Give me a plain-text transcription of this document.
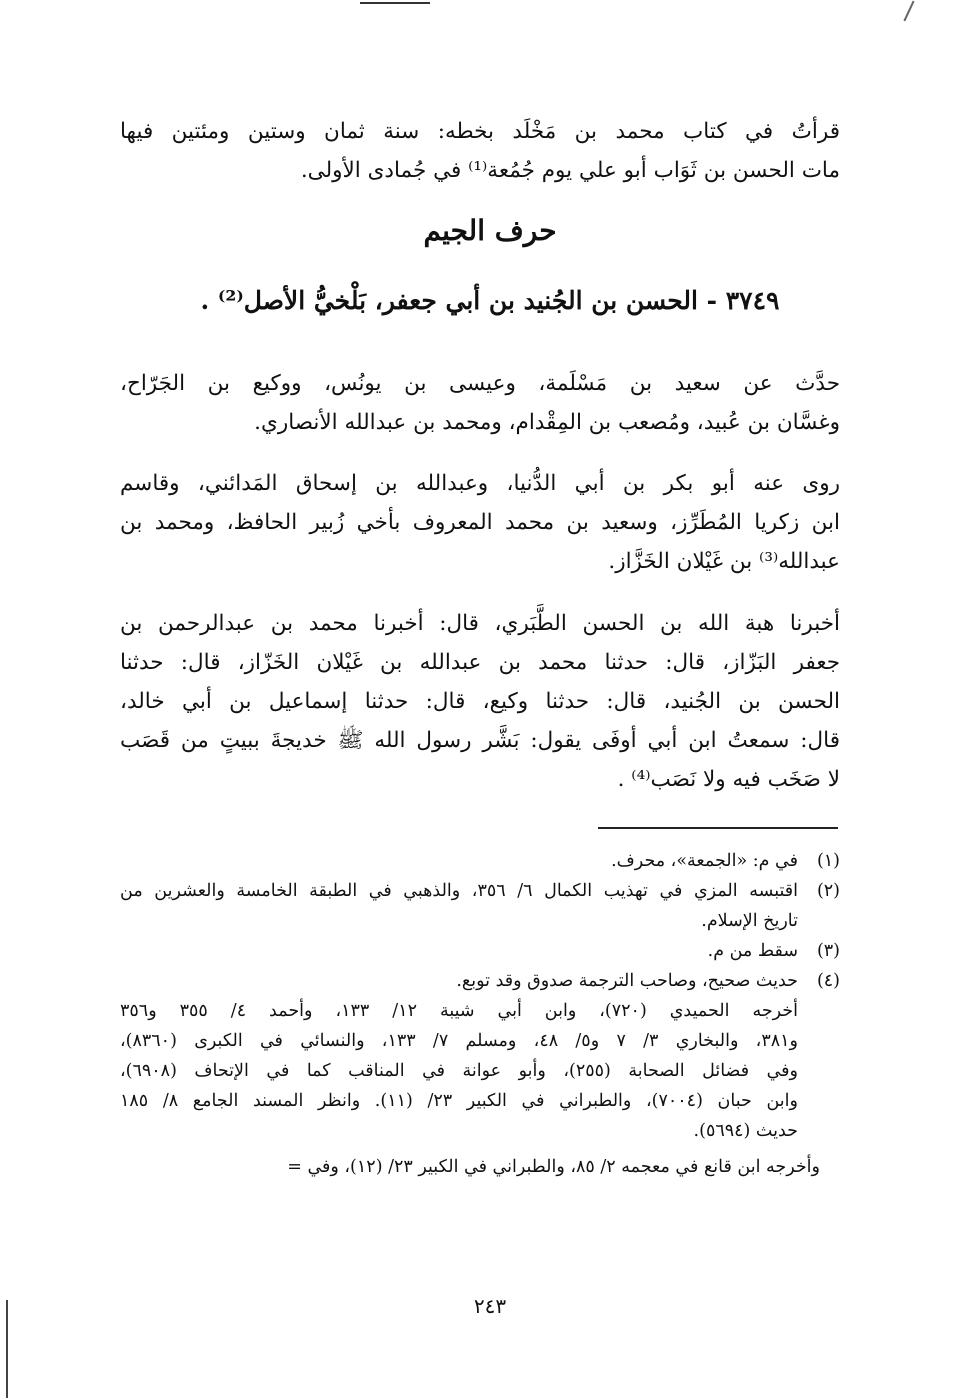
قرأتُ في كتاب محمد بن مَخْلَد بخطه: سنة ثمان وستين ومئتين فيها
مات الحسن بن ثَوَاب أبو علي يوم جُمُعة⁽¹⁾ في جُمادى الأولى.
حرف الجيم
٣٧٤٩ - الحسن بن الجُنيد بن أبي جعفر، بَلْخيُّ الأصل⁽²⁾ .
حدَّث عن سعيد بن مَسْلَمة، وعيسى بن يونُس، ووكيع بن الجَرّاح،
وغسَّان بن عُبيد، ومُصعب بن المِقْدام، ومحمد بن عبدالله الأنصاري.
روى عنه أبو بكر بن أبي الدُّنيا، وعبدالله بن إسحاق المَدائني، وقاسم
ابن زكريا المُطَرِّز، وسعيد بن محمد المعروف بأخي زُبير الحافظ، ومحمد بن
عبدالله⁽³⁾ بن غَيْلان الخَزَّاز.
أخبرنا هبة الله بن الحسن الطَّبَري، قال: أخبرنا محمد بن عبدالرحمن بن
جعفر البَزّاز، قال: حدثنا محمد بن عبدالله بن غَيْلان الخَزّاز، قال: حدثنا
الحسن بن الجُنيد، قال: حدثنا وكيع، قال: حدثنا إسماعيل بن أبي خالد،
قال: سمعتُ ابن أبي أوفَى يقول: بَشَّر رسول الله ﷺ خديجةَ ببيتٍ من قَصَب
لا صَخَب فيه ولا نَصَب⁽⁴⁾ .
(١)
في م: «الجمعة»، محرف.
(٢)
اقتبسه المزي في تهذيب الكمال ٦/ ٣٥٦، والذهبي في الطبقة الخامسة والعشرين من
تاريخ الإسلام.
(٣)
سقط من م.
(٤)
حديث صحيح، وصاحب الترجمة صدوق وقد توبع.
أخرجه الحميدي (٧٢٠)، وابن أبي شيبة ١٢/ ١٣٣، وأحمد ٤/ ٣٥٥ و٣٥٦
و٣٨١، والبخاري ٣/ ٧ و٥/ ٤٨، ومسلم ٧/ ١٣٣، والنسائي في الكبرى (٨٣٦٠)،
وفي فضائل الصحابة (٢٥٥)، وأبو عوانة في المناقب كما في الإتحاف (٦٩٠٨)،
وابن حبان (٧٠٠٤)، والطبراني في الكبير ٢٣/ (١١). وانظر المسند الجامع ٨/ ١٨٥
حديث (٥٦٩٤).
وأخرجه ابن قانع في معجمه ٢/ ٨٥، والطبراني في الكبير ٢٣/ (١٢)، وفي =
٢٤٣
